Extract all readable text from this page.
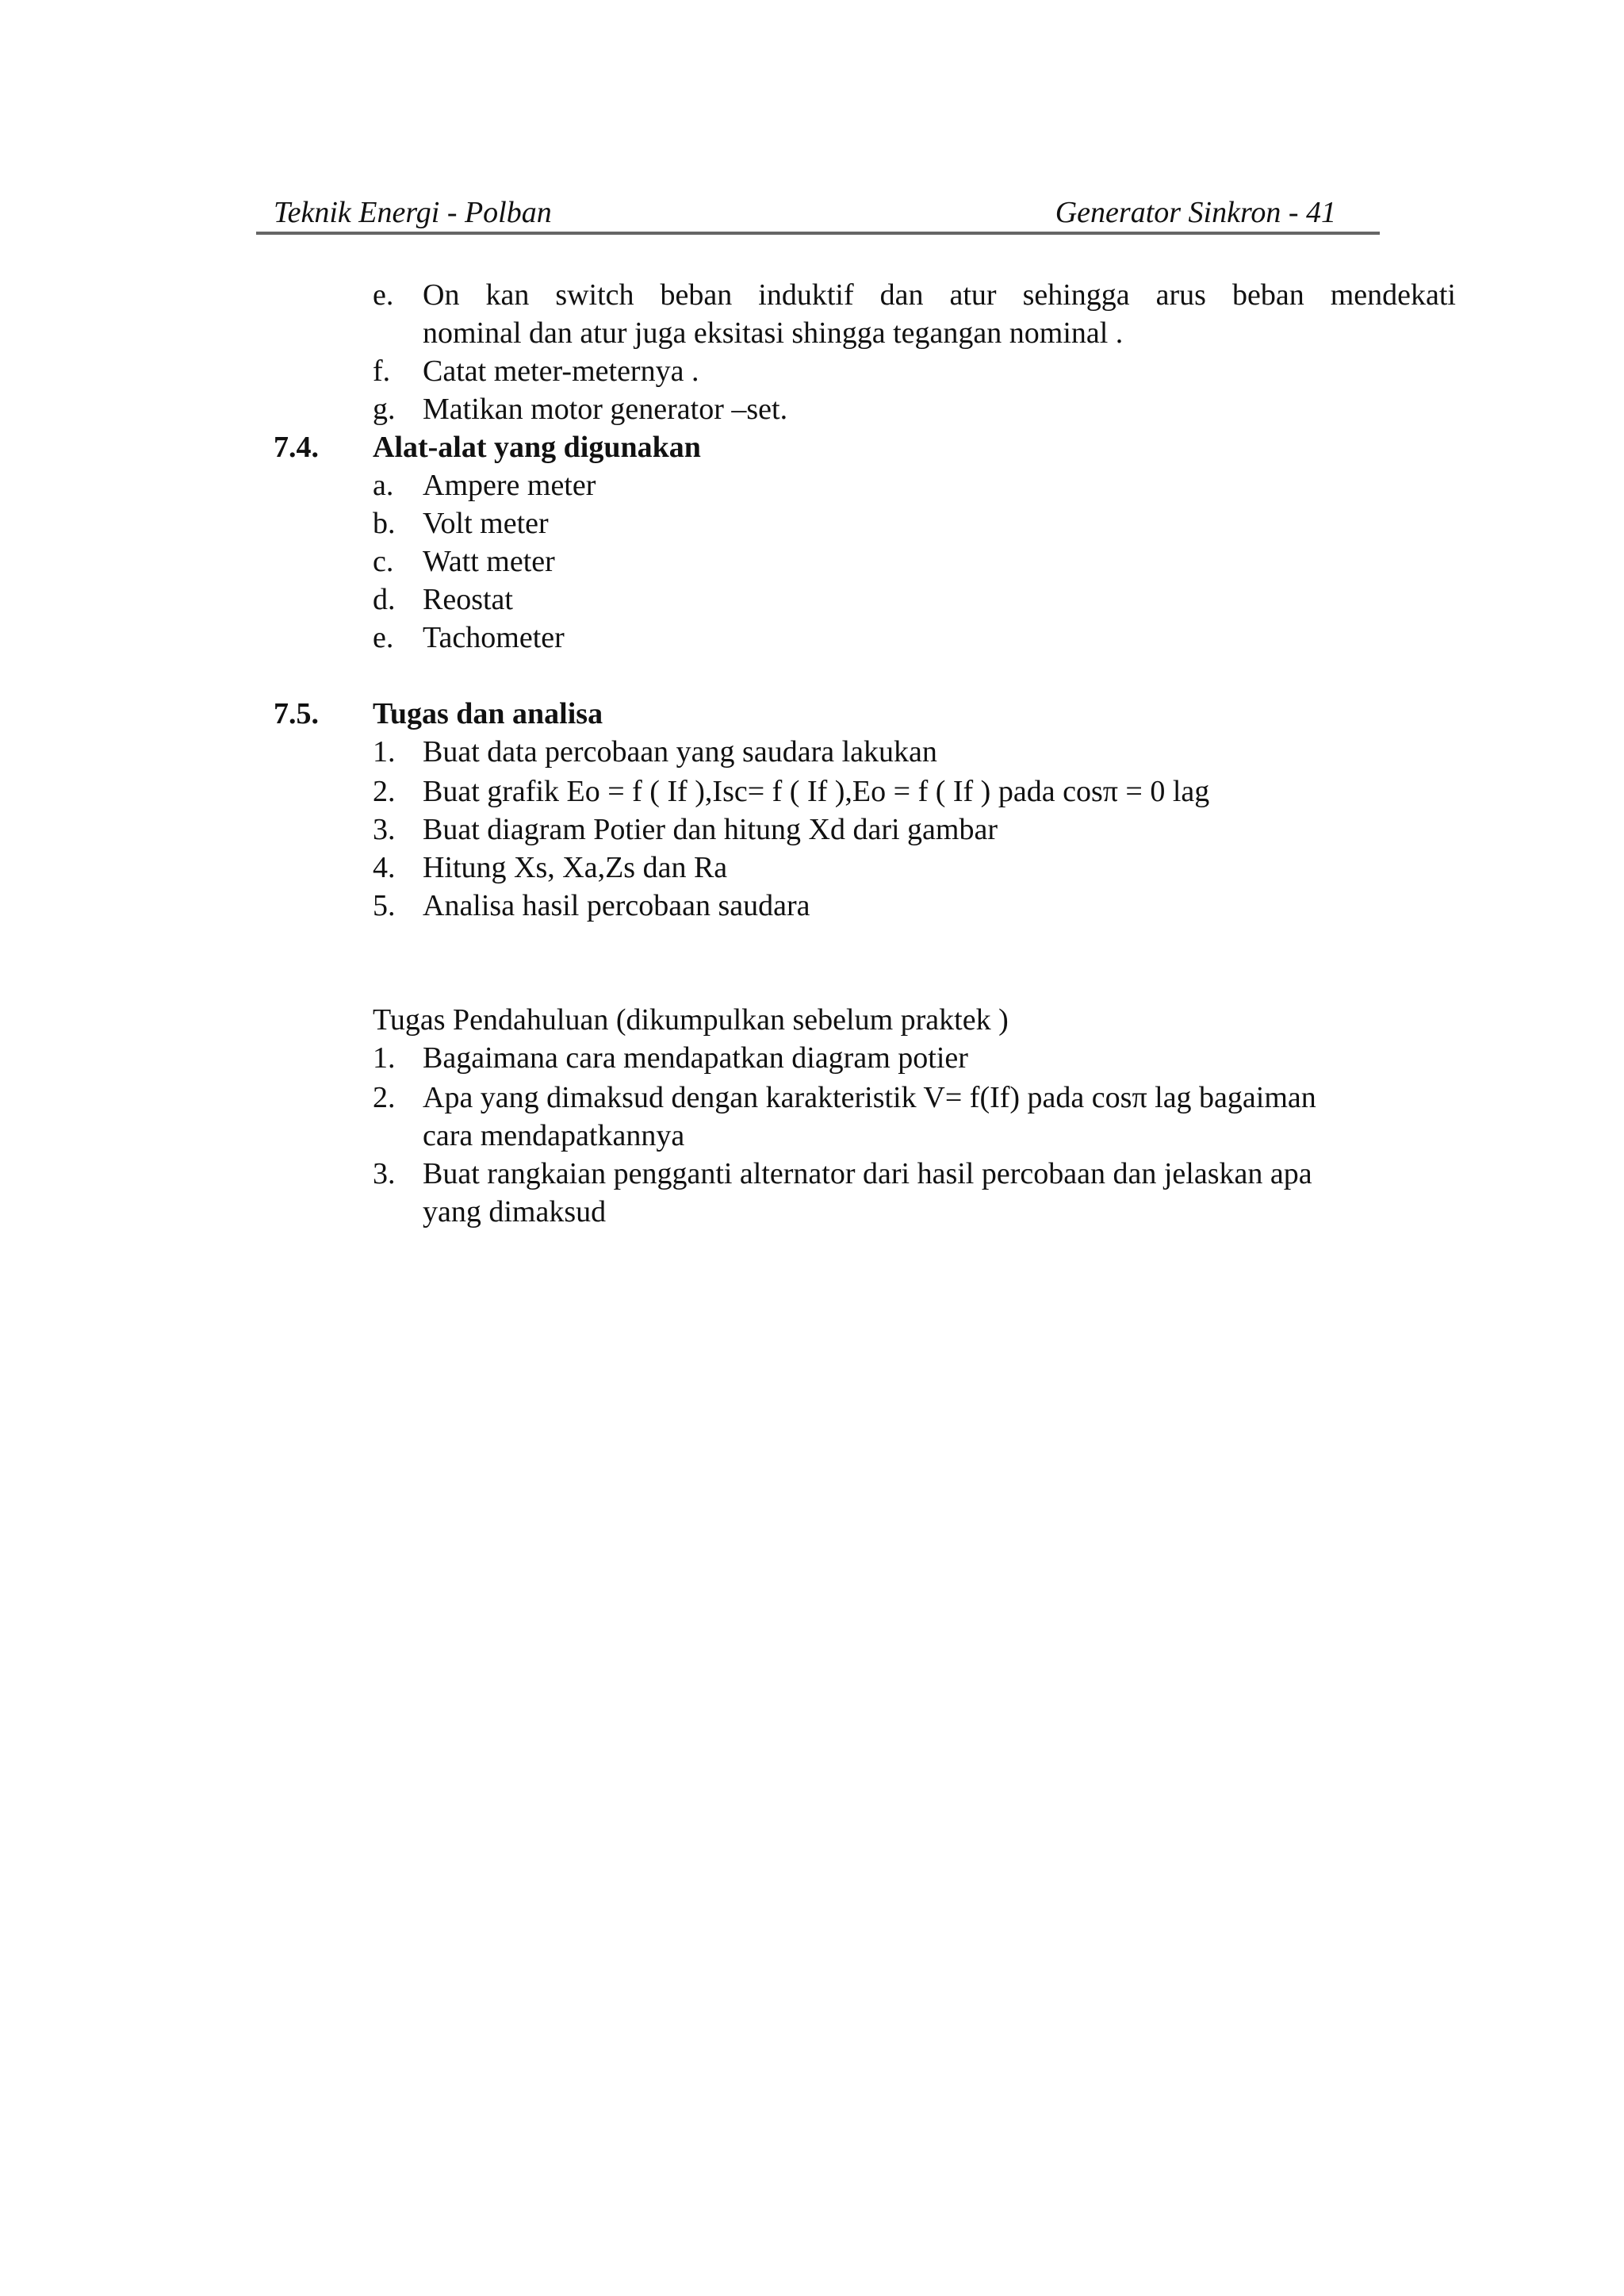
Teknik Energi - Polban	Generator Sinkron - 41
e. On kan switch beban induktif dan atur sehingga arus beban mendekati
nominal dan atur juga eksitasi shingga tegangan nominal .
f. Catat meter-meternya .
g. Matikan motor generator –set.
7.4. Alat-alat yang digunakan
a. Ampere meter
b. Volt meter
c. Watt meter
d. Reostat
e. Tachometer
7.5. Tugas dan analisa
1. Buat data percobaan yang saudara lakukan
2. Buat grafik Eo = f ( If ),Isc= f ( If ),Eo = f ( If ) pada cosπ = 0 lag
3. Buat diagram Potier dan hitung Xd dari gambar
4. Hitung Xs, Xa,Zs dan Ra
5. Analisa hasil percobaan saudara
Tugas Pendahuluan (dikumpulkan sebelum praktek )
1. Bagaimana cara mendapatkan diagram potier
2. Apa yang dimaksud dengan karakteristik V= f(If) pada cosπ lag bagaiman
cara mendapatkannya
3. Buat rangkaian pengganti alternator dari hasil percobaan dan jelaskan apa
yang dimaksud
